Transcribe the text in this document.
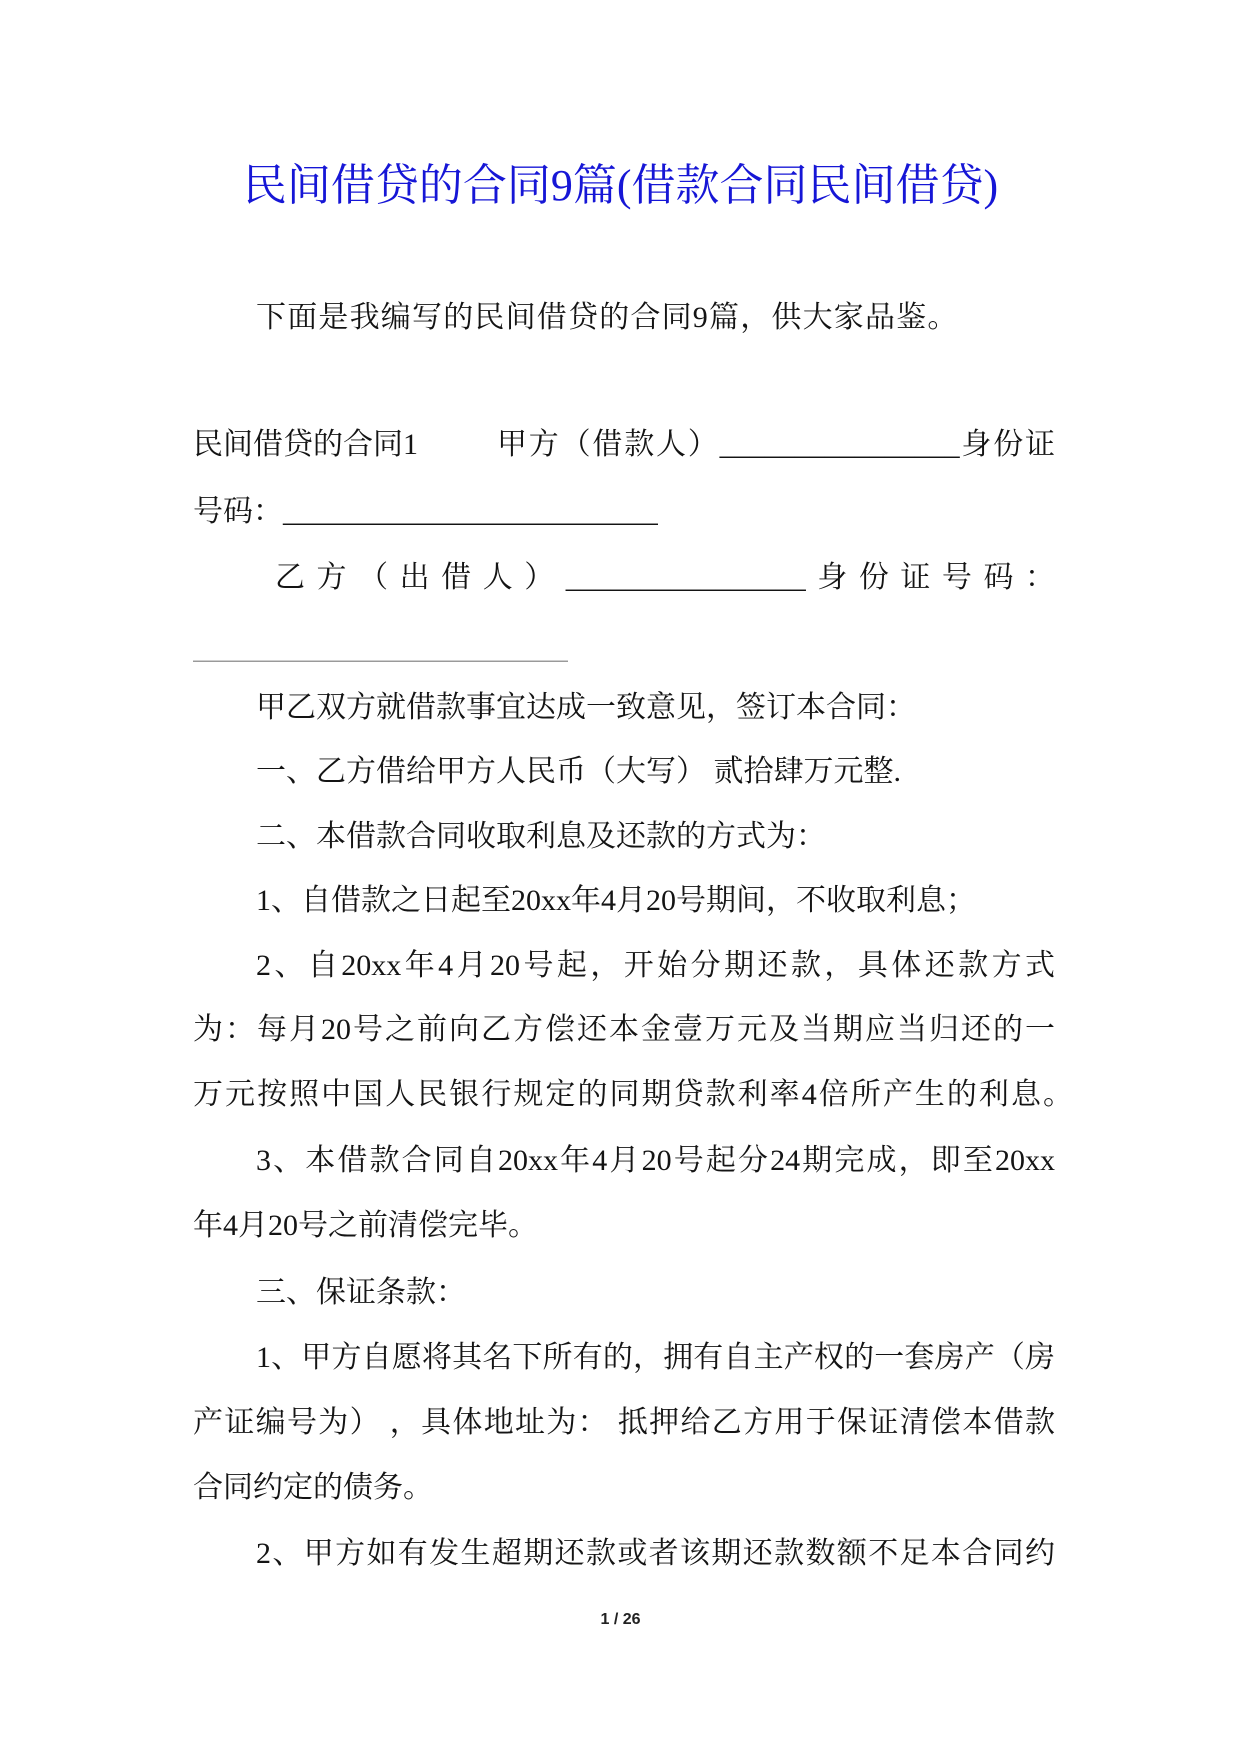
民间借贷的合同9篇(借款合同民间借贷)
下面是我编写的民间借贷的合同9篇，供大家品鉴。
民间借贷的合同1	甲方（借款人）________________身份证
号码：_________________________
乙方（出借人）________________身份证号码：
_________________________
甲乙双方就借款事宜达成一致意见，签订本合同：
一、乙方借给甲方人民币（大写） 贰拾肆万元整.
二、本借款合同收取利息及还款的方式为：
1、自借款之日起至20xx年4月20号期间，不收取利息；
2、自20xx年4月20号起，开始分期还款，具体还款方式
为：每月20号之前向乙方偿还本金壹万元及当期应当归还的一
万元按照中国人民银行规定的同期贷款利率4倍所产生的利息。
3、本借款合同自20xx年4月20号起分24期完成，即至20xx
年4月20号之前清偿完毕。
三、保证条款：
1、甲方自愿将其名下所有的，拥有自主产权的一套房产（房
产证编号为） ，具体地址为： 抵押给乙方用于保证清偿本借款
合同约定的债务。
2、甲方如有发生超期还款或者该期还款数额不足本合同约
1 / 26
